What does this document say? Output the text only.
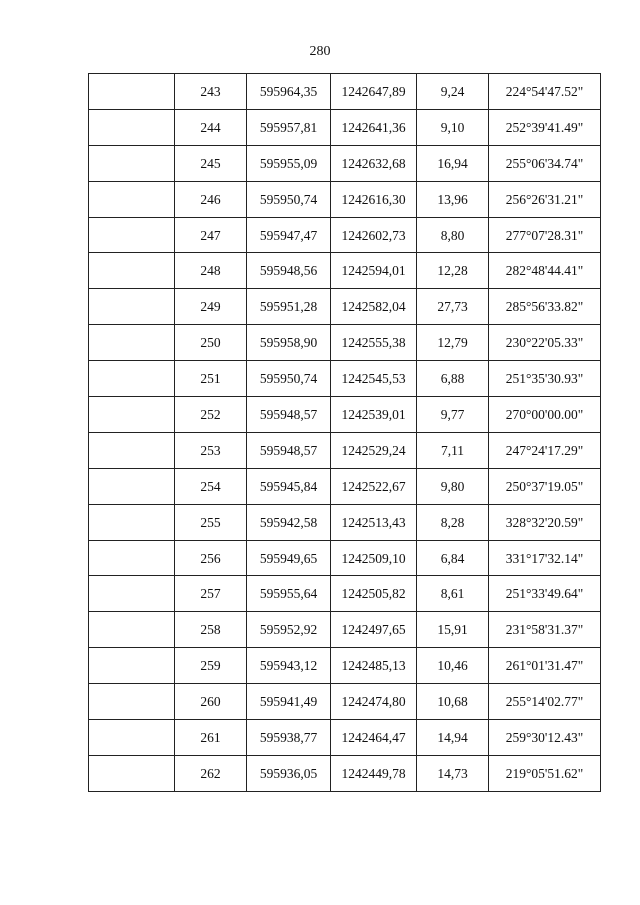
280
	243	595964,35	1242647,89	9,24	224°54'47.52"
	244	595957,81	1242641,36	9,10	252°39'41.49"
	245	595955,09	1242632,68	16,94	255°06'34.74"
	246	595950,74	1242616,30	13,96	256°26'31.21"
	247	595947,47	1242602,73	8,80	277°07'28.31"
	248	595948,56	1242594,01	12,28	282°48'44.41"
	249	595951,28	1242582,04	27,73	285°56'33.82"
	250	595958,90	1242555,38	12,79	230°22'05.33"
	251	595950,74	1242545,53	6,88	251°35'30.93"
	252	595948,57	1242539,01	9,77	270°00'00.00"
	253	595948,57	1242529,24	7,11	247°24'17.29"
	254	595945,84	1242522,67	9,80	250°37'19.05"
	255	595942,58	1242513,43	8,28	328°32'20.59"
	256	595949,65	1242509,10	6,84	331°17'32.14"
	257	595955,64	1242505,82	8,61	251°33'49.64"
	258	595952,92	1242497,65	15,91	231°58'31.37"
	259	595943,12	1242485,13	10,46	261°01'31.47"
	260	595941,49	1242474,80	10,68	255°14'02.77"
	261	595938,77	1242464,47	14,94	259°30'12.43"
	262	595936,05	1242449,78	14,73	219°05'51.62"
